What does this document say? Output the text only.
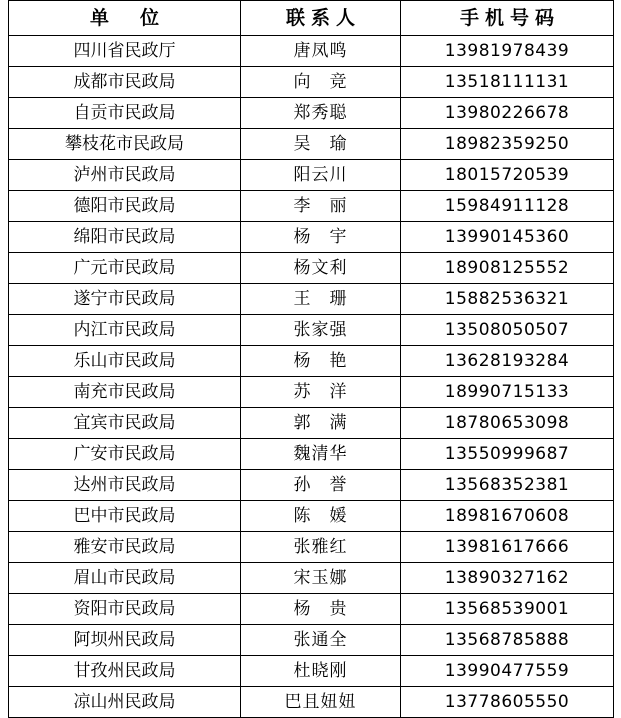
单　位	联系人	手机号码
四川省民政厅	唐凤鸣	13981978439
成都市民政局	向　竞	13518111131
自贡市民政局	郑秀聪	13980226678
攀枝花市民政局	吴　瑜	18982359250
泸州市民政局	阳云川	18015720539
德阳市民政局	李　丽	15984911128
绵阳市民政局	杨　宇	13990145360
广元市民政局	杨文利	18908125552
遂宁市民政局	王　珊	15882536321
内江市民政局	张家强	13508050507
乐山市民政局	杨　艳	13628193284
南充市民政局	苏　洋	18990715133
宜宾市民政局	郭　满	18780653098
广安市民政局	魏清华	13550999687
达州市民政局	孙　誉	13568352381
巴中市民政局	陈　媛	18981670608
雅安市民政局	张雅红	13981617666
眉山市民政局	宋玉娜	13890327162
资阳市民政局	杨　贵	13568539001
阿坝州民政局	张通全	13568785888
甘孜州民政局	杜晓刚	13990477559
凉山州民政局	巴且妞妞	13778605550
